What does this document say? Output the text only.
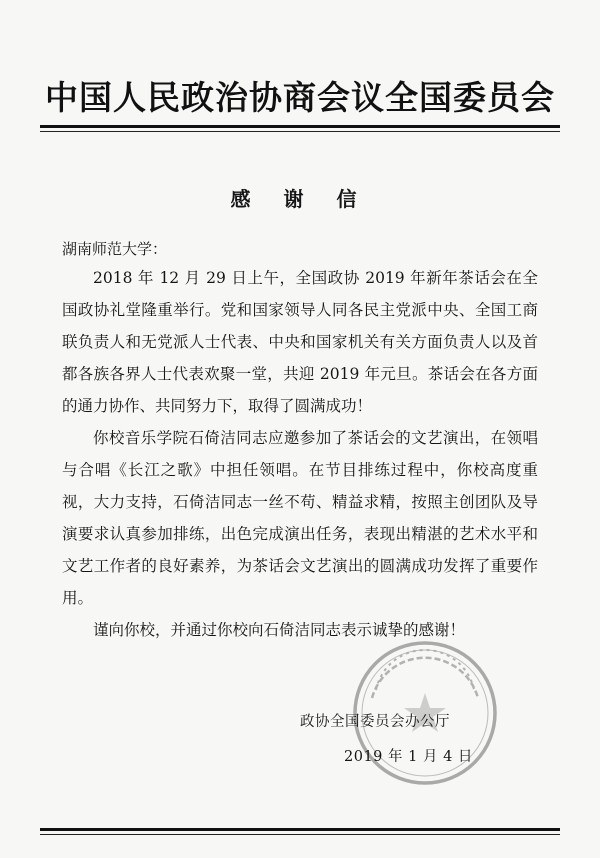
中国人民政治协商会议全国委员会
感 谢 信
湖南师范大学：

2018 年 12 月 29 日上午，全国政协 2019 年新年茶话会在全国政协礼堂隆重举行。党和国家领导人同各民主党派中央、全国工商联负责人和无党派人士代表、中央和国家机关有关方面负责人以及首都各族各界人士代表欢聚一堂，共迎 2019 年元旦。茶话会在各方面的通力协作、共同努力下，取得了圆满成功！

你校音乐学院石倚洁同志应邀参加了茶话会的文艺演出，在领唱与合唱《长江之歌》中担任领唱。在节目排练过程中，你校高度重视，大力支持，石倚洁同志一丝不苟、精益求精，按照主创团队及导演要求认真参加排练，出色完成演出任务，表现出精湛的艺术水平和文艺工作者的良好素养，为茶话会文艺演出的圆满成功发挥了重要作用。

谨向你校，并通过你校向石倚洁同志表示诚挚的感谢！

政协全国委员会办公厅
2019 年 1 月 4 日
